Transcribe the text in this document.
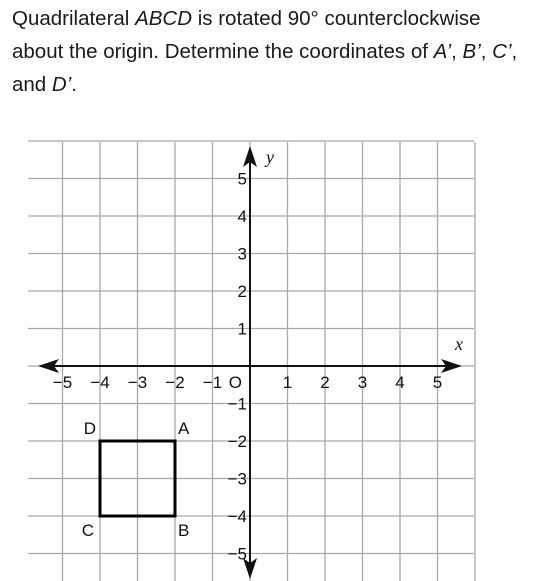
Quadrilateral ABCD is rotated 90° counterclockwise about the origin. Determine the coordinates of A’, B’, C’, and D’.
−5 −4 −3 −2 −1	1 2 3 4 5
5
4
3
2
1
−1
−2
−3
−4
−5
A
B
C
D
x
y
O
